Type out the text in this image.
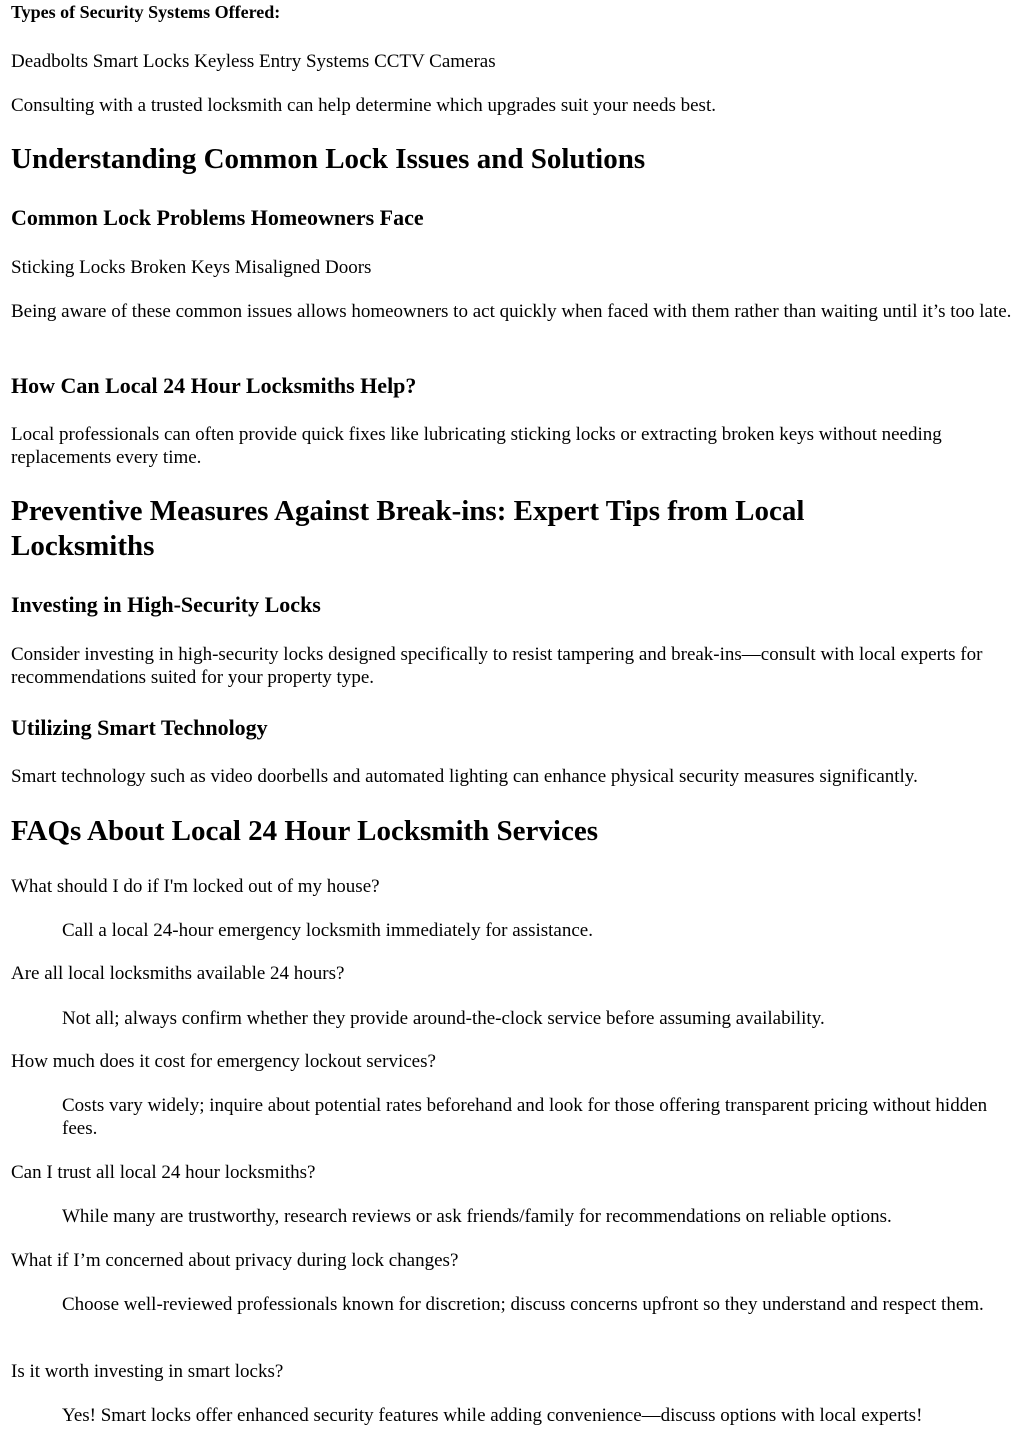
Types of Security Systems Offered:

Deadbolts Smart Locks Keyless Entry Systems CCTV Cameras

Consulting with a trusted locksmith can help determine which upgrades suit your needs best.

Understanding Common Lock Issues and Solutions
Common Lock Problems Homeowners Face

Sticking Locks Broken Keys Misaligned Doors

Being aware of these common issues allows homeowners to act quickly when faced with them rather than waiting until it’s too late.

How Can Local 24 Hour Locksmiths Help?

Local professionals can often provide quick fixes like lubricating sticking locks or extracting broken keys without needing replacements every time.

Preventive Measures Against Break-ins: Expert Tips from Local Locksmiths
Investing in High-Security Locks

Consider investing in high-security locks designed specifically to resist tampering and break-ins—consult with local experts for recommendations suited for your property type.

Utilizing Smart Technology

Smart technology such as video doorbells and automated lighting can enhance physical security measures significantly.

FAQs About Local 24 Hour Locksmith Services

What should I do if I'm locked out of my house?

Call a local 24-hour emergency locksmith immediately for assistance.

Are all local locksmiths available 24 hours?

Not all; always confirm whether they provide around-the-clock service before assuming availability.

How much does it cost for emergency lockout services?

Costs vary widely; inquire about potential rates beforehand and look for those offering transparent pricing without hidden fees.

Can I trust all local 24 hour locksmiths?

While many are trustworthy, research reviews or ask friends/family for recommendations on reliable options.

What if I’m concerned about privacy during lock changes?

Choose well-reviewed professionals known for discretion; discuss concerns upfront so they understand and respect them.

Is it worth investing in smart locks?

Yes! Smart locks offer enhanced security features while adding convenience—discuss options with local experts!
